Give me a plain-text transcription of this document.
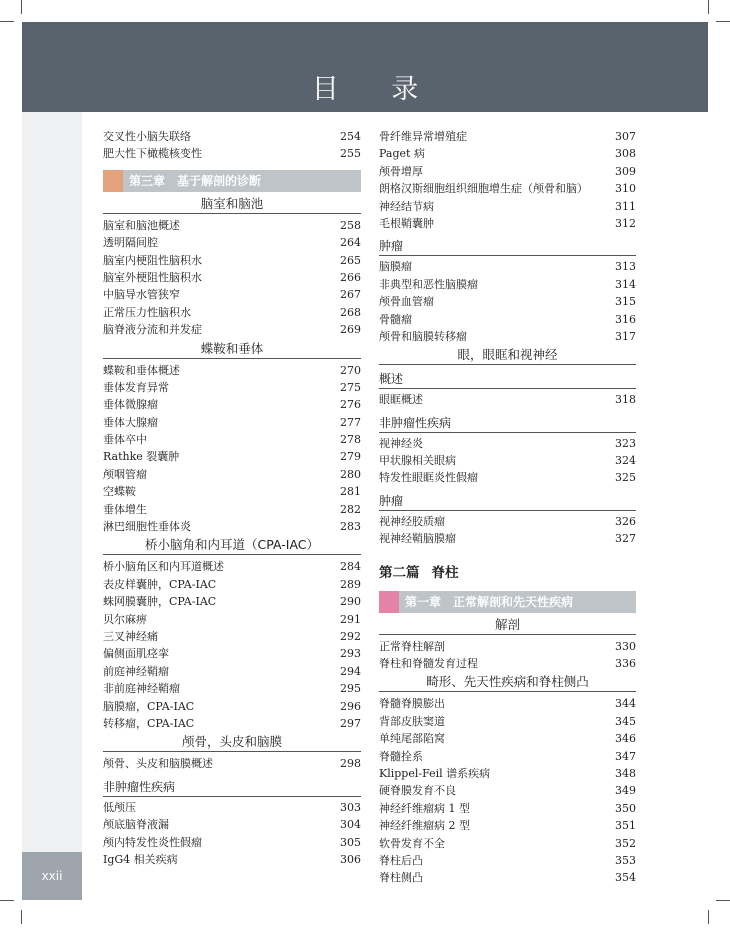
目 录
xxii
交叉性小脑失联络	254
肥大性下橄榄核变性	255
第三章　基于解剖的诊断
脑室和脑池
脑室和脑池概述	258
透明隔间腔	264
脑室内梗阻性脑积水	265
脑室外梗阻性脑积水	266
中脑导水管狭窄	267
正常压力性脑积水	268
脑脊液分流和并发症	269
蝶鞍和垂体
蝶鞍和垂体概述	270
垂体发育异常	275
垂体微腺瘤	276
垂体大腺瘤	277
垂体卒中	278
Rathke 裂囊肿	279
颅咽管瘤	280
空蝶鞍	281
垂体增生	282
淋巴细胞性垂体炎	283
桥小脑角和内耳道（CPA-IAC）
桥小脑角区和内耳道概述	284
表皮样囊肿，CPA-IAC	289
蛛网膜囊肿，CPA-IAC	290
贝尔麻痹	291
三叉神经痛	292
偏侧面肌痉挛	293
前庭神经鞘瘤	294
非前庭神经鞘瘤	295
脑膜瘤，CPA-IAC	296
转移瘤，CPA-IAC	297
颅骨，头皮和脑膜
颅骨、头皮和脑膜概述	298
非肿瘤性疾病
低颅压	303
颅底脑脊液漏	304
颅内特发性炎性假瘤	305
IgG4 相关疾病	306
骨纤维异常增殖症	307
Paget 病	308
颅骨增厚	309
朗格汉斯细胞组织细胞增生症（颅骨和脑） 310
神经结节病	311
毛根鞘囊肿	312
肿瘤
脑膜瘤	313
非典型和恶性脑膜瘤	314
颅骨血管瘤	315
骨髓瘤	316
颅骨和脑膜转移瘤	317
眼，眼眶和视神经
概述
眼眶概述	318
非肿瘤性疾病
视神经炎	323
甲状腺相关眼病	324
特发性眼眶炎性假瘤	325
肿瘤
视神经胶质瘤	326
视神经鞘脑膜瘤	327
第二篇 脊柱
第一章　正常解剖和先天性疾病
解剖
正常脊柱解剖	330
脊柱和脊髓发育过程	336
畸形、先天性疾病和脊柱侧凸
脊髓脊膜膨出	344
背部皮肤窦道	345
单纯尾部陷窝	346
脊髓拴系	347
Klippel-Feil 谱系疾病	348
硬脊膜发育不良	349
神经纤维瘤病 1 型	350
神经纤维瘤病 2 型	351
软骨发育不全	352
脊柱后凸	353
脊柱侧凸	354
